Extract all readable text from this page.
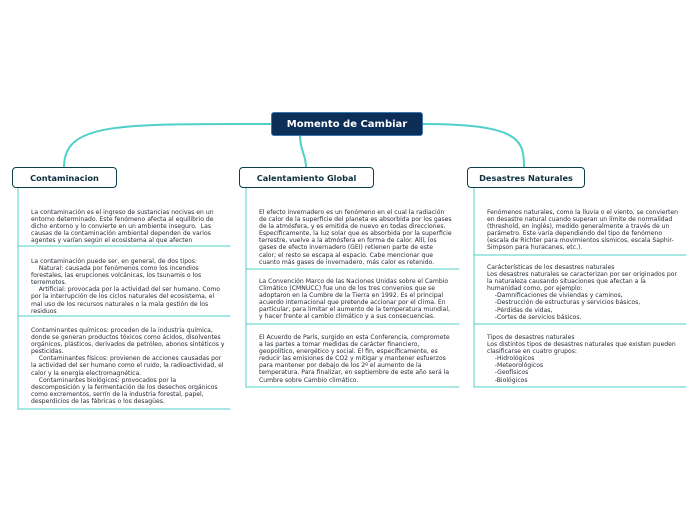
Momento de Cambiar
Contaminacion	Calentamiento Global	Desastres Naturales

La contaminación es el ingreso de sustancias nocivas en un
entorno determinado. Este fenómeno afecta al equilibrio de
dicho entorno y lo convierte en un ambiente inseguro.  Las
causas de la contaminación ambiental dependen de varios
agentes y varían según el ecosistema al que afecten

La contaminación puede ser, en general, de dos tipos:
Natural: causada por fenómenos como los incendios
forestales, las erupciones volcánicas, los tsunamis o los
terremotos.
Artificial: provocada por la actividad del ser humano. Como
por la interrupción de los ciclos naturales del ecosistema, el
mal uso de los recursos naturales o la mala gestión de los
residuos

Contaminantes químicos: proceden de la industria química,
donde se generan productos tóxicos como ácidos, disolventes
orgánicos, plásticos, derivados de petróleo, abonos sintéticos y
pesticidas.
Contaminantes físicos: provienen de acciones causadas por
la actividad del ser humano como el ruido, la radioactividad, el
calor y la energía electromagnética.
Contaminantes biológicos: provocados por la
descomposición y la fermentación de los desechos orgánicos
como excrementos, serrín de la industria forestal, papel,
desperdicios de las fábricas o los desagües.

El efecto invernadero es un fenómeno en el cual la radiación
de calor de la superficie del planeta es absorbida por los gases
de la atmósfera, y es emitida de nuevo en todas direcciones.
Específicamente, la luz solar que es absorbida por la superficie
terrestre, vuelve a la atmósfera en forma de calor. Allí, los
gases de efecto invernadero (GEI) retienen parte de este
calor; el resto se escapa al espacio. Cabe mencionar que
cuanto más gases de invernadero, más calor es retenido.

La Convención Marco de las Naciones Unidas sobre el Cambio
Climático (CMNUCC) fue uno de los tres convenios que se
adoptaron en la Cumbre de la Tierra en 1992. Es el principal
acuerdo internacional que pretende accionar por el clima. En
particular, para limitar el aumento de la temperatura mundial,
y hacer frente al cambio climático y a sus consecuencias.

El Acuerdo de París, surgido en esta Conferencia, compromete
a las partes a tomar medidas de carácter financiero,
geopolítico, energético y social. El fin, específicamente, es
reducir las emisiones de CO2 y mitigar y mantener esfuerzos
para mantener por debajo de los 2º el aumento de la
temperatura. Para finalizar, en septiembre de este año será la
Cumbre sobre Cambio climático.

Fenómenos naturales, como la lluvia o el viento, se convierten
en desastre natural cuando superan un límite de normalidad
(threshold, en inglés), medido generalmente a través de un
parámetro. Este varía dependiendo del tipo de fenómeno
(escala de Richter para movimientos sísmicos, escala Saphir-
Simpson para huracanes, etc.).

Carácterísticas de los desastres naturales
Los desastres naturales se caracterizan por ser originados por
la naturaleza causando situaciones que afectan a la
humanidad como, por ejemplo:
-Damnificaciones de viviendas y caminos,
-Destrucción de estructuras y servicios básicos,
-Pérdidas de vidas,
-Cortes de servicios básicos.

Tipos de desastres naturales
Los distintos tipos de desastres naturales que existen pueden
clasificarse en cuatro grupos:
-Hidrológicos
-Meteorológicos
-Geofísicos
-Biológicos
